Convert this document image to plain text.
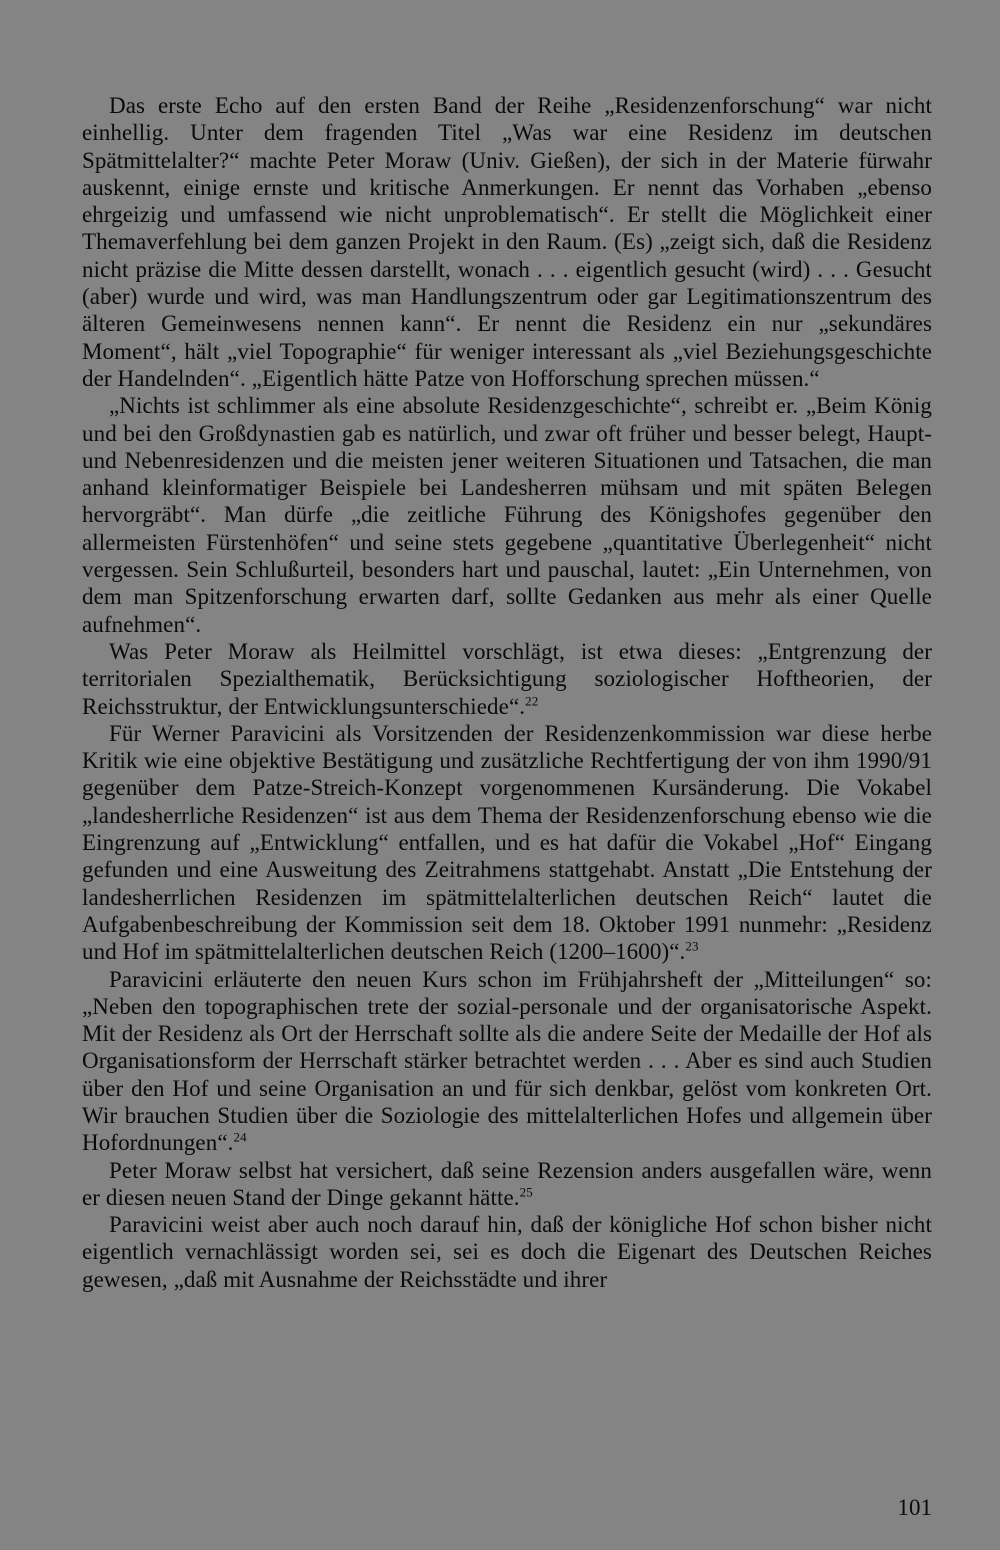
Das erste Echo auf den ersten Band der Reihe „Residenzenforschung“ war nicht einhellig. Unter dem fragenden Titel „Was war eine Residenz im deutschen Spätmittelalter?“ machte Peter Moraw (Univ. Gießen), der sich in der Materie fürwahr auskennt, einige ernste und kritische Anmerkungen. Er nennt das Vorhaben „ebenso ehrgeizig und umfassend wie nicht unproblematisch“. Er stellt die Möglichkeit einer Themaverfehlung bei dem ganzen Projekt in den Raum. (Es) „zeigt sich, daß die Residenz nicht präzise die Mitte dessen darstellt, wonach . . . eigentlich gesucht (wird) . . . Gesucht (aber) wurde und wird, was man Handlungszentrum oder gar Legitimationszentrum des älteren Gemeinwesens nennen kann“. Er nennt die Residenz ein nur „sekundäres Moment“, hält „viel Topographie“ für weniger interessant als „viel Beziehungsgeschichte der Handelnden“. „Eigentlich hätte Patze von Hofforschung sprechen müssen.“

„Nichts ist schlimmer als eine absolute Residenzgeschichte“, schreibt er. „Beim König und bei den Großdynastien gab es natürlich, und zwar oft früher und besser belegt, Haupt- und Nebenresidenzen und die meisten jener weiteren Situationen und Tatsachen, die man anhand kleinformatiger Beispiele bei Landesherren mühsam und mit späten Belegen hervorgräbt“. Man dürfe „die zeitliche Führung des Königshofes gegenüber den allermeisten Fürstenhöfen“ und seine stets gegebene „quantitative Überlegenheit“ nicht vergessen. Sein Schlußurteil, besonders hart und pauschal, lautet: „Ein Unternehmen, von dem man Spitzenforschung erwarten darf, sollte Gedanken aus mehr als einer Quelle aufnehmen“.

Was Peter Moraw als Heilmittel vorschlägt, ist etwa dieses: „Entgrenzung der territorialen Spezialthematik, Berücksichtigung soziologischer Hoftheorien, der Reichsstruktur, der Entwicklungsunterschiede“.$^{22}$

Für Werner Paravicini als Vorsitzenden der Residenzenkommission war diese herbe Kritik wie eine objektive Bestätigung und zusätzliche Rechtfertigung der von ihm 1990/91 gegenüber dem Patze-Streich-Konzept vorgenommenen Kursänderung. Die Vokabel „landesherrliche Residenzen“ ist aus dem Thema der Residenzenforschung ebenso wie die Eingrenzung auf „Entwicklung“ entfallen, und es hat dafür die Vokabel „Hof“ Eingang gefunden und eine Ausweitung des Zeitrahmens stattgehabt. Anstatt „Die Entstehung der landesherrlichen Residenzen im spätmittelalterlichen deutschen Reich“ lautet die Aufgabenbeschreibung der Kommission seit dem 18. Oktober 1991 nunmehr: „Residenz und Hof im spätmittelalterlichen deutschen Reich (1200–1600)“.$^{23}$

Paravicini erläuterte den neuen Kurs schon im Frühjahrsheft der „Mitteilungen“ so: „Neben den topographischen trete der sozial-personale und der organisatorische Aspekt. Mit der Residenz als Ort der Herrschaft sollte als die andere Seite der Medaille der Hof als Organisationsform der Herrschaft stärker betrachtet werden . . . Aber es sind auch Studien über den Hof und seine Organisation an und für sich denkbar, gelöst vom konkreten Ort. Wir brauchen Studien über die Soziologie des mittelalterlichen Hofes und allgemein über Hofordnungen“.$^{24}$

Peter Moraw selbst hat versichert, daß seine Rezension anders ausgefallen wäre, wenn er diesen neuen Stand der Dinge gekannt hätte.$^{25}$

Paravicini weist aber auch noch darauf hin, daß der königliche Hof schon bisher nicht eigentlich vernachlässigt worden sei, sei es doch die Eigenart des Deutschen Reiches gewesen, „daß mit Ausnahme der Reichsstädte und ihrer

101
